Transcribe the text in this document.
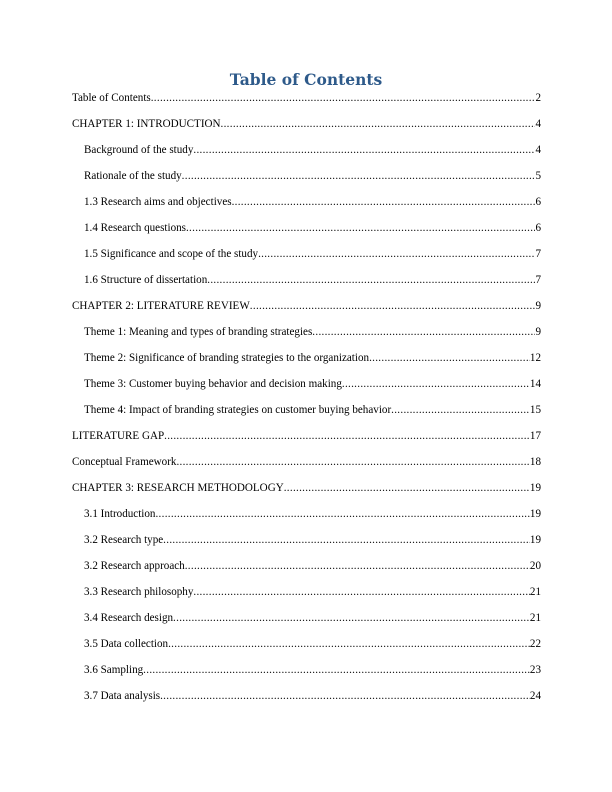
Table of Contents
Table of Contents .....	2
CHAPTER 1: INTRODUCTION .....	4
Background of the study .....	4
Rationale of the study .....	5
1.3 Research aims and objectives .....	6
1.4 Research questions .....	6
1.5 Significance and scope of the study .....	7
1.6 Structure of dissertation .....	7
CHAPTER 2: LITERATURE REVIEW .....	9
Theme 1: Meaning and types of branding strategies .....	9
Theme 2: Significance of branding strategies to the organization .....	12
Theme 3: Customer buying behavior and decision making .....	14
Theme 4: Impact of branding strategies on customer buying behavior .....	15
LITERATURE GAP .....	17
Conceptual Framework .....	18
CHAPTER 3: RESEARCH METHODOLOGY .....	19
3.1 Introduction .....	19
3.2 Research type .....	19
3.2 Research approach .....	20
3.3 Research philosophy .....	21
3.4 Research design .....	21
3.5 Data collection .....	22
3.6 Sampling .....	23
3.7 Data analysis .....	24
